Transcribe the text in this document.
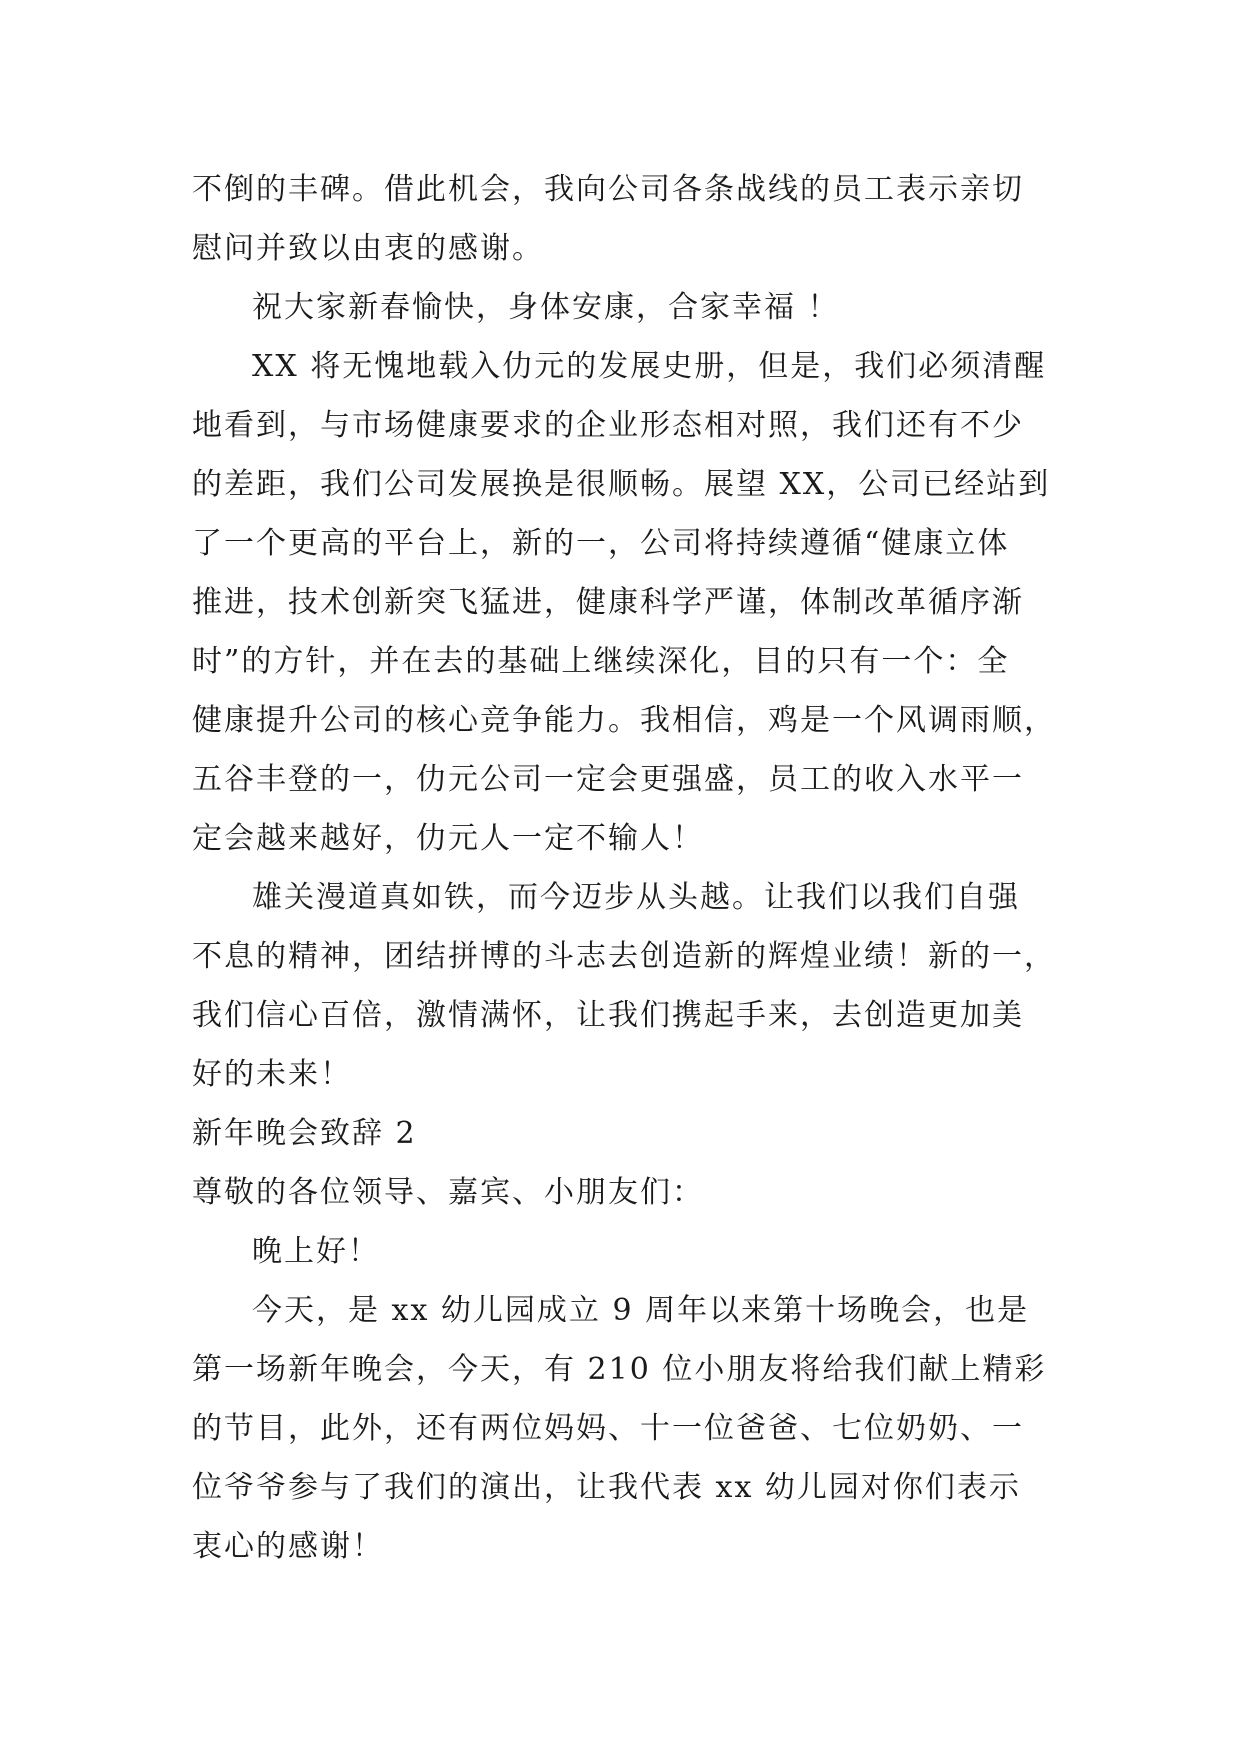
不倒的丰碑。借此机会，我向公司各条战线的员工表示亲切
慰问并致以由衷的感谢。
祝大家新春愉快，身体安康，合家幸福 ！
XX 将无愧地载入仂元的发展史册，但是，我们必须清醒
地看到，与市场健康要求的企业形态相对照，我们还有不少
的差距，我们公司发展换是很顺畅。展望 XX，公司已经站到
了一个更高的平台上，新的一，公司将持续遵循“健康立体
推进，技术创新突飞猛进，健康科学严谨，体制改革循序渐
时”的方针，并在去的基础上继续深化，目的只有一个：全
健康提升公司的核心竞争能力。我相信，鸡是一个风调雨顺，
五谷丰登的一，仂元公司一定会更强盛，员工的收入水平一
定会越来越好，仂元人一定不输人！
雄关漫道真如铁，而今迈步从头越。让我们以我们自强
不息的精神，团结拼博的斗志去创造新的辉煌业绩！新的一，
我们信心百倍，激情满怀，让我们携起手来，去创造更加美
好的未来！
新年晚会致辞 2
尊敬的各位领导、嘉宾、小朋友们：
晚上好！
今天，是 xx 幼儿园成立 9 周年以来第十场晚会，也是
第一场新年晚会，今天，有 210 位小朋友将给我们献上精彩
的节目，此外，还有两位妈妈、十一位爸爸、七位奶奶、一
位爷爷参与了我们的演出，让我代表 xx 幼儿园对你们表示
衷心的感谢！
